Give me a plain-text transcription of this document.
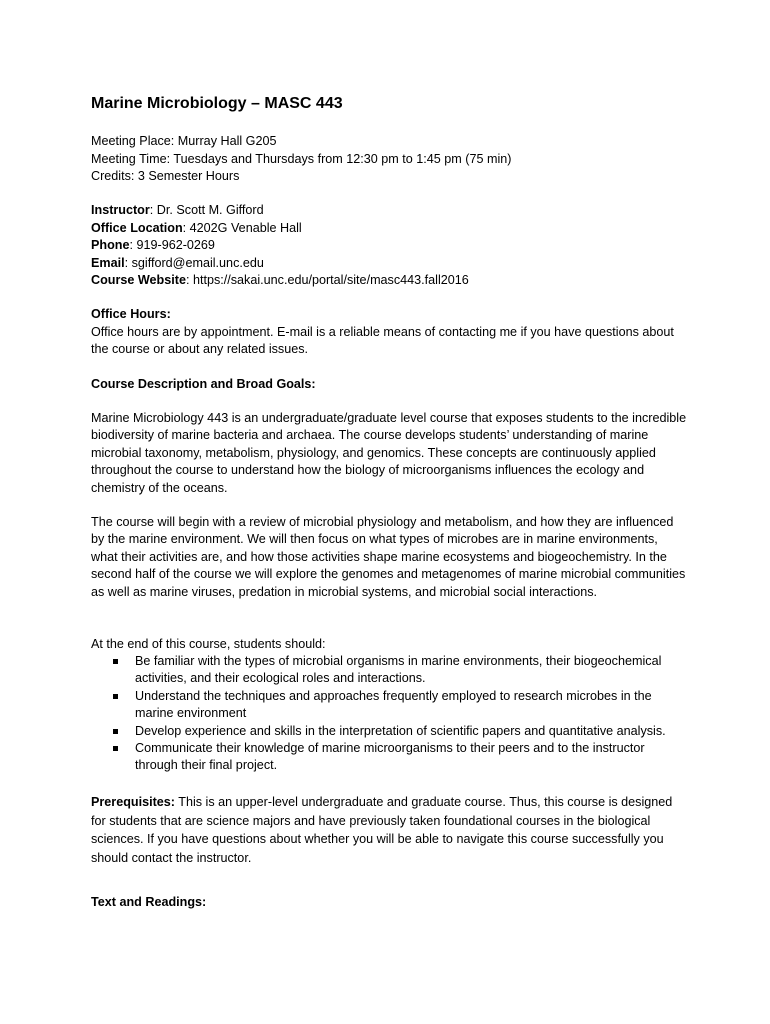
Marine Microbiology – MASC 443
Meeting Place: Murray Hall G205
Meeting Time: Tuesdays and Thursdays from 12:30 pm to 1:45 pm (75 min)
Credits: 3 Semester Hours
Instructor: Dr. Scott M. Gifford
Office Location: 4202G Venable Hall
Phone: 919-962-0269
Email: sgifford@email.unc.edu
Course Website: https://sakai.unc.edu/portal/site/masc443.fall2016
Office Hours:
Office hours are by appointment. E-mail is a reliable means of contacting me if you have questions about the course or about any related issues.
Course Description and Broad Goals:
Marine Microbiology 443 is an undergraduate/graduate level course that exposes students to the incredible biodiversity of marine bacteria and archaea. The course develops students’ understanding of marine microbial taxonomy, metabolism, physiology, and genomics. These concepts are continuously applied throughout the course to understand how the biology of microorganisms influences the ecology and chemistry of the oceans.
The course will begin with a review of microbial physiology and metabolism, and how they are influenced by the marine environment. We will then focus on what types of microbes are in marine environments, what their activities are, and how those activities shape marine ecosystems and biogeochemistry. In the second half of the course we will explore the genomes and metagenomes of marine microbial communities as well as marine viruses, predation in microbial systems, and microbial social interactions.
At the end of this course, students should:
Be familiar with the types of microbial organisms in marine environments, their biogeochemical activities, and their ecological roles and interactions.
Understand the techniques and approaches frequently employed to research microbes in the marine environment
Develop experience and skills in the interpretation of scientific papers and quantitative analysis.
Communicate their knowledge of marine microorganisms to their peers and to the instructor through their final project.
Prerequisites: This is an upper-level undergraduate and graduate course. Thus, this course is designed for students that are science majors and have previously taken foundational courses in the biological sciences. If you have questions about whether you will be able to navigate this course successfully you should contact the instructor.
Text and Readings:
